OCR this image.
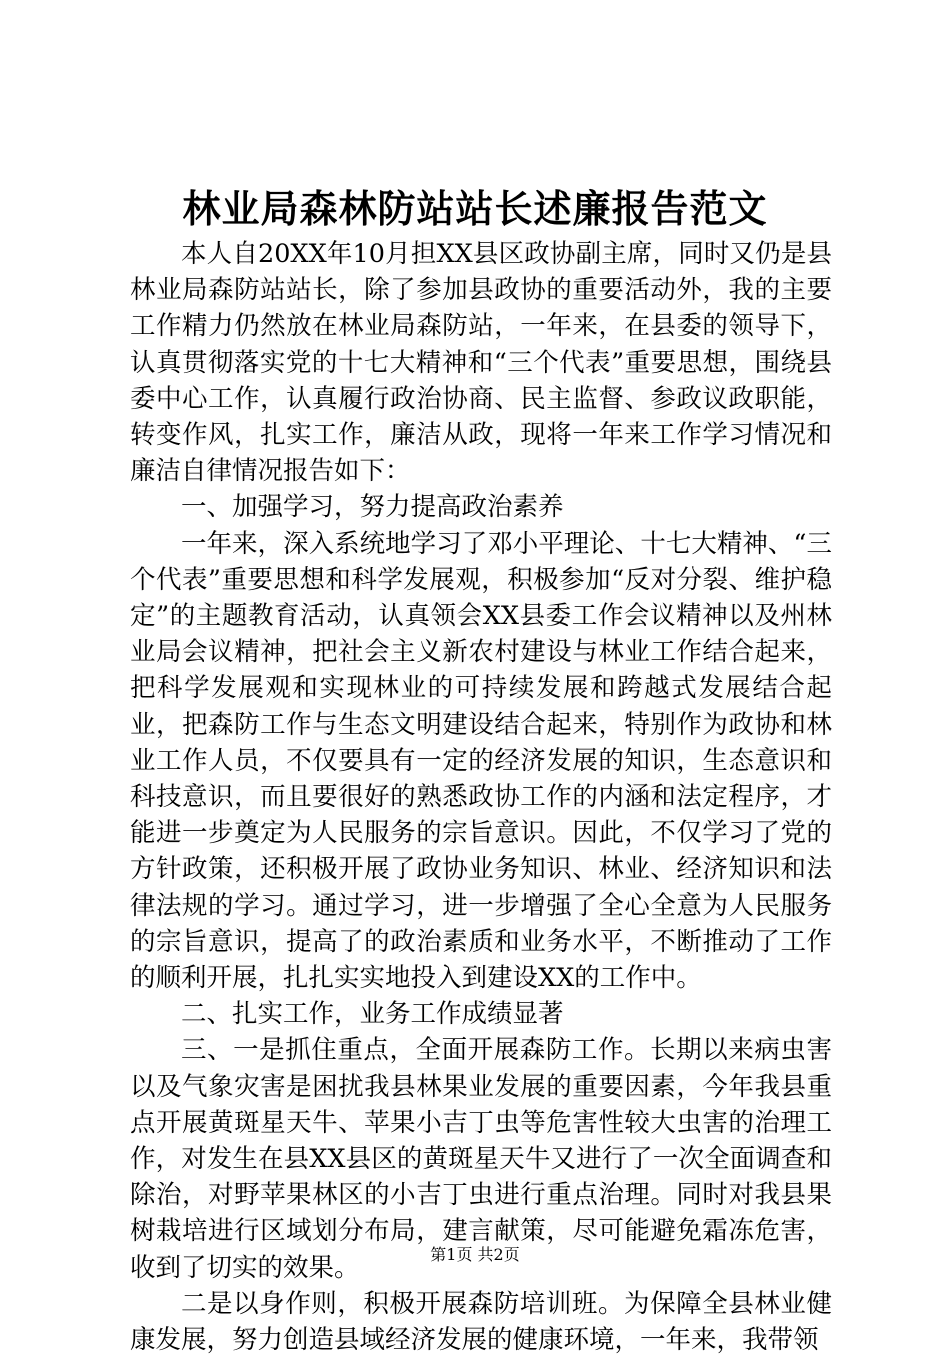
林业局森林防站站长述廉报告范文

本人自20XX年10月担XX县区政协副主席，同时又仍是县林业局森防站站长，除了参加县政协的重要活动外，我的主要工作精力仍然放在林业局森防站，一年来，在县委的领导下，认真贯彻落实党的十七大精神和“三个代表”重要思想，围绕县委中心工作，认真履行政治协商、民主监督、参政议政职能，转变作风，扎实工作，廉洁从政，现将一年来工作学习情况和廉洁自律情况报告如下：

一、加强学习，努力提高政治素养

一年来，深入系统地学习了邓小平理论、十七大精神、“三个代表”重要思想和科学发展观，积极参加“反对分裂、维护稳定”的主题教育活动，认真领会XX县委工作会议精神以及州林业局会议精神，把社会主义新农村建设与林业工作结合起来，把科学发展观和实现林业的可持续发展和跨越式发展结合起业，把森防工作与生态文明建设结合起来，特别作为政协和林业工作人员，不仅要具有一定的经济发展的知识，生态意识和科技意识，而且要很好的熟悉政协工作的内涵和法定程序，才能进一步奠定为人民服务的宗旨意识。因此，不仅学习了党的方针政策，还积极开展了政协业务知识、林业、经济知识和法律法规的学习。通过学习，进一步增强了全心全意为人民服务的宗旨意识，提高了的政治素质和业务水平，不断推动了工作的顺利开展，扎扎实实地投入到建设XX的工作中。

二、扎实工作，业务工作成绩显著

三、一是抓住重点，全面开展森防工作。长期以来病虫害以及气象灾害是困扰我县林果业发展的重要因素，今年我县重点开展黄斑星天牛、苹果小吉丁虫等危害性较大虫害的治理工作，对发生在县XX县区的黄斑星天牛又进行了一次全面调查和除治，对野苹果林区的小吉丁虫进行重点治理。同时对我县果树栽培进行区域划分布局，建言献策，尽可能避免霜冻危害，收到了切实的效果。

二是以身作则，积极开展森防培训班。为保障全县林业健康发展，努力创造县域经济发展的健康环境，一年来，我带领

第1页 共2页
